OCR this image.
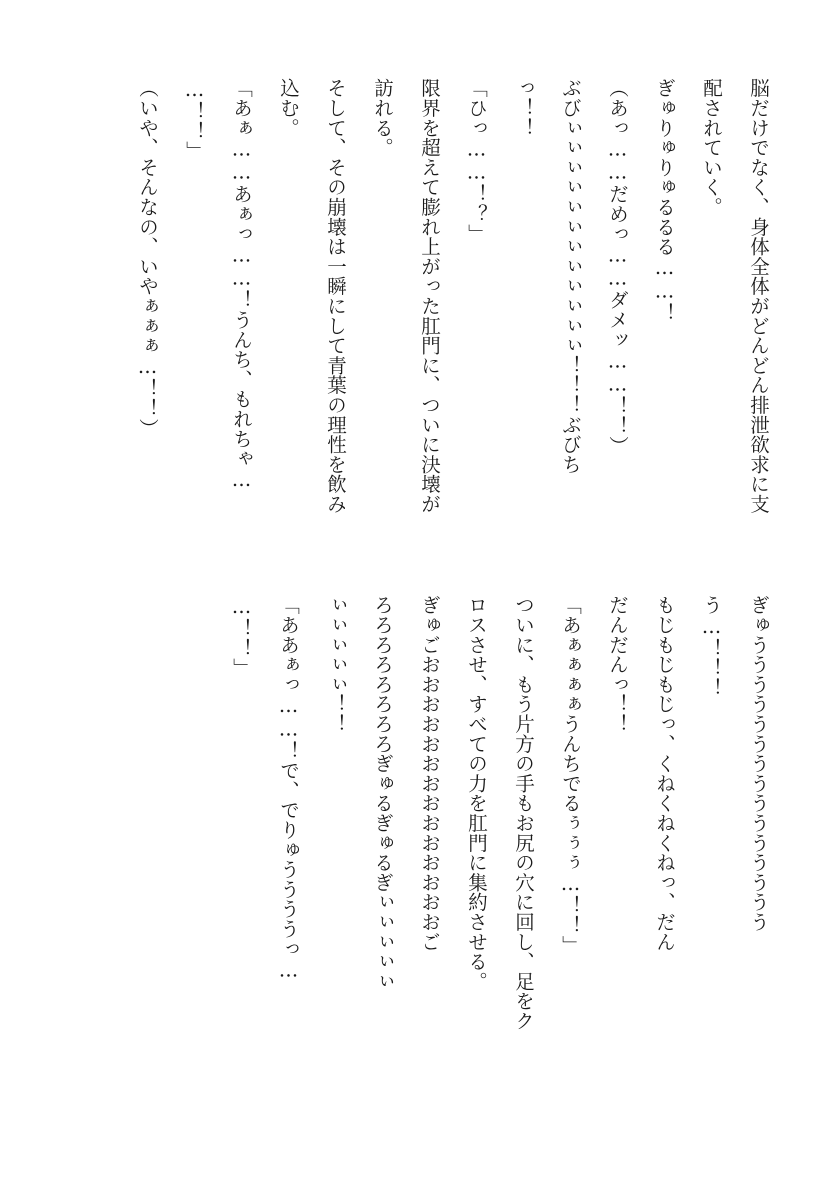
脳だけでなく、身体全体がどんどん排泄欲求に支
配されていく。
ぎゅりゅりゅるるる……！
（あっ……だめっ……ダメッ……！！）
ぶびぃぃぃぃぃぃぃぃぃぃぃぃ！！！ぶびち
っ！！
「ひっ……！？」
限界を超えて膨れ上がった肛門に、ついに決壊が
訪れる。
そして、その崩壊は一瞬にして青葉の理性を飲み
込む。
「あぁ……あぁっ……！うんち、もれちゃ…
…！！」
（いや、そんなの、いやぁぁぁ…！！）
ぎゅううううううううううううううう
う…！！！
もじもじもじっ、くねくねくねっ、だん
だんだんっ！！
「あぁぁぁぁうんちでるぅぅぅ…！！」
ついに、もう片方の手もお尻の穴に回し、足をク
ロスさせ、すべての力を肛門に集約させる。
ぎゅごおおおおおおおおおおおおおおご
ろろろろろろろろぎゅるぎゅるぎぃぃぃぃぃ
ぃぃぃぃぃ！！
「ああぁっ……！で、でりゅううううっ…
…！！」
